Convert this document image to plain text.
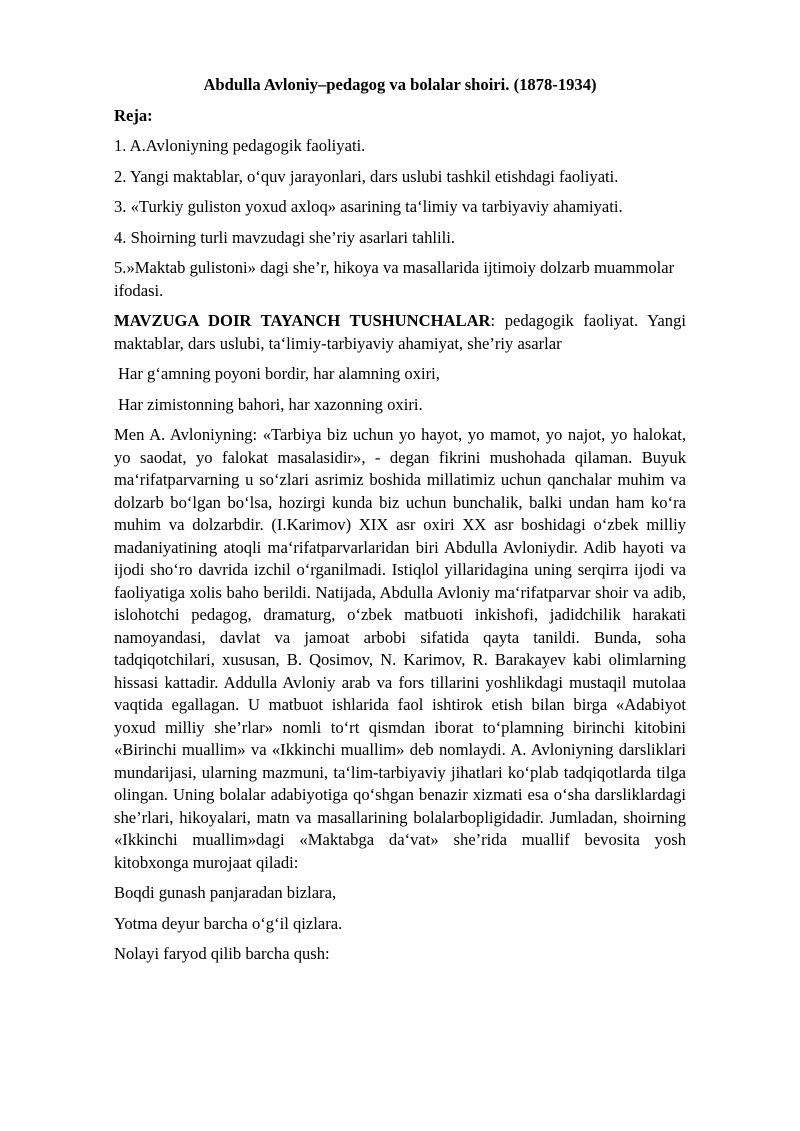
Abdulla Avloniy–pedagog va bolalar shoiri. (1878-1934)
Reja:
1. A.Avloniyning pedagogik faoliyati.
2. Yangi maktablar, o‘quv jarayonlari, dars uslubi tashkil etishdagi faoliyati.
3. «Turkiy guliston yoxud axloq» asarining ta‘limiy va tarbiyaviy ahamiyati.
4. Shoirning turli mavzudagi she’riy asarlari tahlili.
5.»Maktab gulistoni» dagi she’r, hikoya va masallarida ijtimoiy dolzarb muammolar ifodasi.
MAVZUGA DOIR TAYANCH TUSHUNCHALAR: pedagogik faoliyat. Yangi maktablar, dars uslubi, ta‘limiy-tarbiyaviy ahamiyat, she’riy asarlar
Har g‘amning poyoni bordir, har alamning oxiri,
Har zimistonning bahori, har xazonning oxiri.
Men A. Avloniyning: «Tarbiya biz uchun yo hayot, yo mamot, yo najot, yo halokat, yo saodat, yo falokat masalasidir», - degan fikrini mushohada qilaman. Buyuk ma‘rifatparvarning u so‘zlari asrimiz boshida millatimiz uchun qanchalar muhim va dolzarb bo‘lgan bo‘lsa, hozirgi kunda biz uchun bunchalik, balki undan ham ko‘ra muhim va dolzarbdir. (I.Karimov) XIX asr oxiri XX asr boshidagi o‘zbek milliy madaniyatining atoqli ma‘rifatparvarlaridan biri Abdulla Avloniydir. Adib hayoti va ijodi sho‘ro davrida izchil o‘rganilmadi. Istiqlol yillaridagina uning serqirra ijodi va faoliyatiga xolis baho berildi. Natijada, Abdulla Avloniy ma‘rifatparvar shoir va adib, islohotchi pedagog, dramaturg, o‘zbek matbuoti inkishofi, jadidchilik harakati namoyandasi, davlat va jamoat arbobi sifatida qayta tanildi. Bunda, soha tadqiqotchilari, xususan, B. Qosimov, N. Karimov, R. Barakayev kabi olimlarning hissasi kattadir. Addulla Avloniy arab va fors tillarini yoshlikdagi mustaqil mutolaa vaqtida egallagan. U matbuot ishlarida faol ishtirok etish bilan birga «Adabiyot yoxud milliy she’rlar» nomli to‘rt qismdan iborat to‘plamning birinchi kitobini «Birinchi muallim» va «Ikkinchi muallim» deb nomlaydi. A. Avloniyning darsliklari mundarijasi, ularning mazmuni, ta‘lim-tarbiyaviy jihatlari ko‘plab tadqiqotlarda tilga olingan. Uning bolalar adabiyotiga qo‘shgan benazir xizmati esa o‘sha darsliklardagi she’rlari, hikoyalari, matn va masallarining bolalarbopligidadir. Jumladan, shoirning «Ikkinchi muallim»dagi «Maktabga da‘vat» she’rida muallif bevosita yosh kitobxonga murojaat qiladi:
Boqdi gunash panjaradan bizlara,
Yotma deyur barcha o‘g‘il qizlara.
Nolayi faryod qilib barcha qush:
